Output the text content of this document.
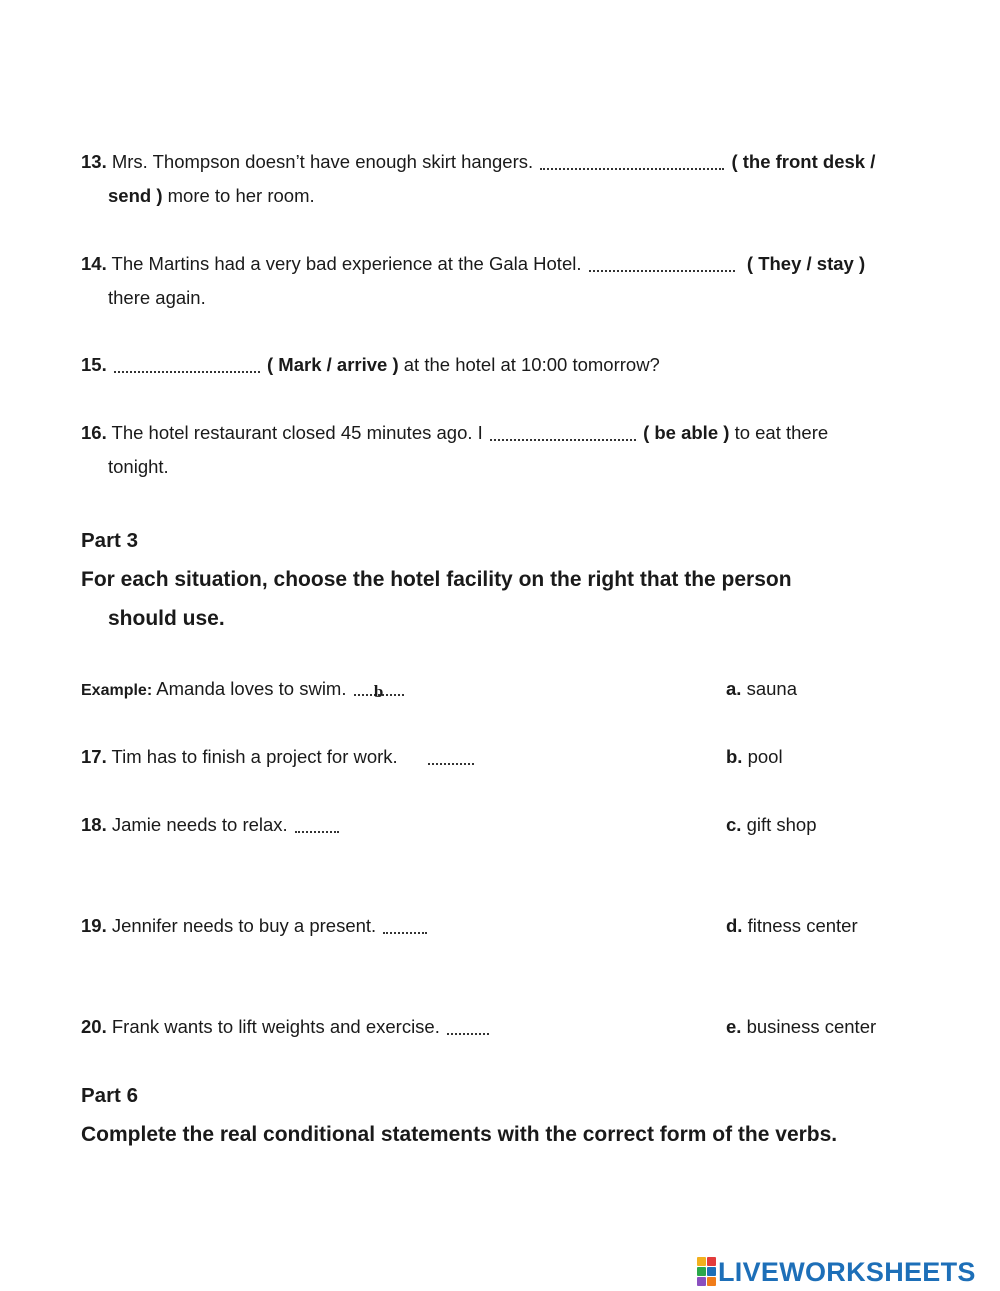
13. Mrs. Thompson doesn’t have enough skirt hangers.	( the front desk /
send ) more to her room.
14. The Martins had a very bad experience at the Gala Hotel.	( They / stay )
there again.
15.	( Mark / arrive ) at the hotel at 10:00 tomorrow?
16. The hotel restaurant closed 45 minutes ago. I	( be able ) to eat there
tonight.
Part 3
For each situation, choose the hotel facility on the right that the person
should use.
Example: Amanda loves to swim. b
17. Tim has to finish a project for work.
18. Jamie needs to relax.
19. Jennifer needs to buy a present.
20. Frank wants to lift weights and exercise.
a. sauna
b. pool
c. gift shop
d. fitness center
e. business center
Part 6
Complete the real conditional statements with the correct form of the verbs.
LIVEWORKSHEETS
